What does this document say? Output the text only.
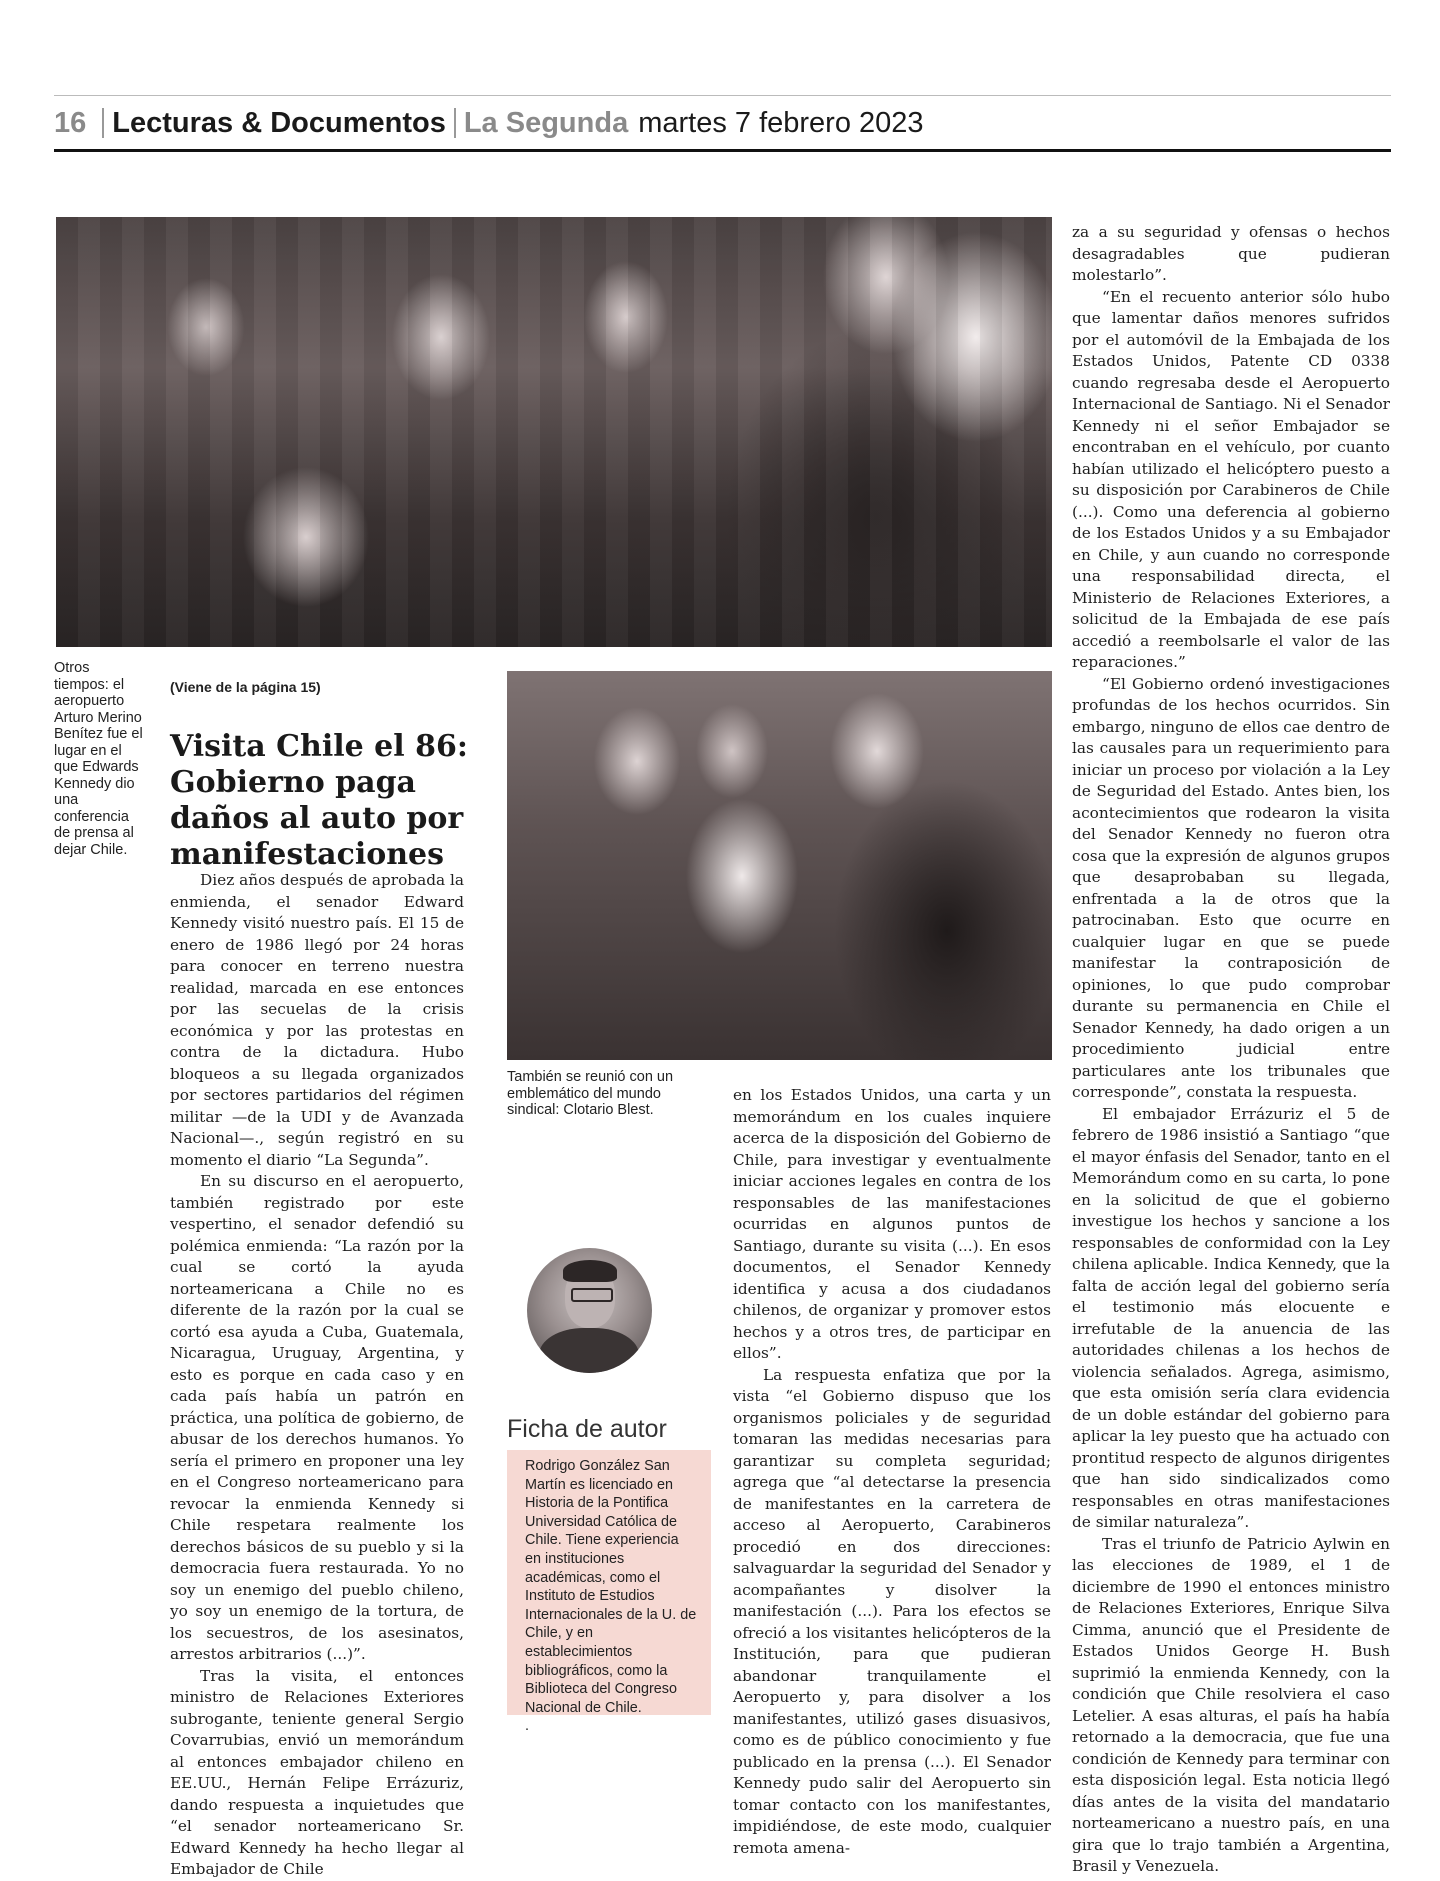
16 Lecturas & Documentos La Segunda martes 7 febrero 2023
Otros tiempos: el aeropuerto Arturo Merino Benítez fue el lugar en el que Edwards Kennedy dio una conferencia de prensa al dejar Chile.
(Viene de la página 15)
Visita Chile el 86: Gobierno paga daños al auto por manifestaciones

Diez años después de aprobada la enmienda, el senador Edward Kennedy visitó nuestro país. El 15 de enero de 1986 llegó por 24 horas para conocer en terreno nuestra realidad, marcada en ese entonces por las secuelas de la crisis económica y por las protestas en contra de la dictadura. Hubo bloqueos a su llegada organizados por sectores partidarios del régimen militar —de la UDI y de Avanzada Nacional—., según registró en su momento el diario “La Segunda”.

En su discurso en el aeropuerto, también registrado por este vespertino, el senador defendió su polémica enmienda: “La razón por la cual se cortó la ayuda norteamericana a Chile no es diferente de la razón por la cual se cortó esa ayuda a Cuba, Guatemala, Nicaragua, Uruguay, Argentina, y esto es porque en cada caso y en cada país había un patrón en práctica, una política de gobierno, de abusar de los derechos humanos. Yo sería el primero en proponer una ley en el Congreso norteamericano para revocar la enmienda Kennedy si Chile respetara realmente los derechos básicos de su pueblo y si la democracia fuera restaurada. Yo no soy un enemigo del pueblo chileno, yo soy un enemigo de la tortura, de los secuestros, de los asesinatos, arrestos arbitrarios (...)”.

Tras la visita, el entonces ministro de Relaciones Exteriores subrogante, teniente general Sergio Covarrubias, envió un memorándum al entonces embajador chileno en EE.UU., Hernán Felipe Errázuriz, dando respuesta a inquietudes que “el senador norteamericano Sr. Edward Kennedy ha hecho llegar al Embajador de Chile

También se reunió con un emblemático del mundo sindical: Clotario Blest.
Ficha de autor
Rodrigo González San Martín es licenciado en Historia de la Pontifica Universidad Católica de Chile. Tiene experiencia en instituciones académicas, como el Instituto de Estudios Internacionales de la U. de Chile, y en establecimientos bibliográficos, como la Biblioteca del Congreso Nacional de Chile.
.

en los Estados Unidos, una carta y un memorándum en los cuales inquiere acerca de la disposición del Gobierno de Chile, para investigar y eventualmente iniciar acciones legales en contra de los responsables de las manifestaciones ocurridas en algunos puntos de Santiago, durante su visita (...). En esos documentos, el Senador Kennedy identifica y acusa a dos ciudadanos chilenos, de organizar y promover estos hechos y a otros tres, de participar en ellos”.

La respuesta enfatiza que por la vista “el Gobierno dispuso que los organismos policiales y de seguridad tomaran las medidas necesarias para garantizar su completa seguridad; agrega que “al detectarse la presencia de manifestantes en la carretera de acceso al Aeropuerto, Carabineros procedió en dos direcciones: salvaguardar la seguridad del Senador y acompañantes y disolver la manifestación (...). Para los efectos se ofreció a los visitantes helicópteros de la Institución, para que pudieran abandonar tranquilamente el Aeropuerto y, para disolver a los manifestantes, utilizó gases disuasivos, como es de público conocimiento y fue publicado en la prensa (...). El Senador Kennedy pudo salir del Aeropuerto sin tomar contacto con los manifestantes, impidiéndose, de este modo, cualquier remota amena-

za a su seguridad y ofensas o hechos desagradables que pudieran molestarlo”.

“En el recuento anterior sólo hubo que lamentar daños menores sufridos por el automóvil de la Embajada de los Estados Unidos, Patente CD 0338 cuando regresaba desde el Aeropuerto Internacional de Santiago. Ni el Senador Kennedy ni el señor Embajador se encontraban en el vehículo, por cuanto habían utilizado el helicóptero puesto a su disposición por Carabineros de Chile (...). Como una deferencia al gobierno de los Estados Unidos y a su Embajador en Chile, y aun cuando no corresponde una responsabilidad directa, el Ministerio de Relaciones Exteriores, a solicitud de la Embajada de ese país accedió a reembolsarle el valor de las reparaciones.”

“El Gobierno ordenó investigaciones profundas de los hechos ocurridos. Sin embargo, ninguno de ellos cae dentro de las causales para un requerimiento para iniciar un proceso por violación a la Ley de Seguridad del Estado. Antes bien, los acontecimientos que rodearon la visita del Senador Kennedy no fueron otra cosa que la expresión de algunos grupos que desaprobaban su llegada, enfrentada a la de otros que la patrocinaban. Esto que ocurre en cualquier lugar en que se puede manifestar la contraposición de opiniones, lo que pudo comprobar durante su permanencia en Chile el Senador Kennedy, ha dado origen a un procedimiento judicial entre particulares ante los tribunales que corresponde”, constata la respuesta.

El embajador Errázuriz el 5 de febrero de 1986 insistió a Santiago “que el mayor énfasis del Senador, tanto en el Memorándum como en su carta, lo pone en la solicitud de que el gobierno investigue los hechos y sancione a los responsables de conformidad con la Ley chilena aplicable. Indica Kennedy, que la falta de acción legal del gobierno sería el testimonio más elocuente e irrefutable de la anuencia de las autoridades chilenas a los hechos de violencia señalados. Agrega, asimismo, que esta omisión sería clara evidencia de un doble estándar del gobierno para aplicar la ley puesto que ha actuado con prontitud respecto de algunos dirigentes que han sido sindicalizados como responsables en otras manifestaciones de similar naturaleza”.

Tras el triunfo de Patricio Aylwin en las elecciones de 1989, el 1 de diciembre de 1990 el entonces ministro de Relaciones Exteriores, Enrique Silva Cimma, anunció que el Presidente de Estados Unidos George H. Bush suprimió la enmienda Kennedy, con la condición que Chile resolviera el caso Letelier. A esas alturas, el país ha había retornado a la democracia, que fue una condición de Kennedy para terminar con esta disposición legal. Esta noticia llegó días antes de la visita del mandatario norteamericano a nuestro país, en una gira que lo trajo también a Argentina, Brasil y Venezuela.
